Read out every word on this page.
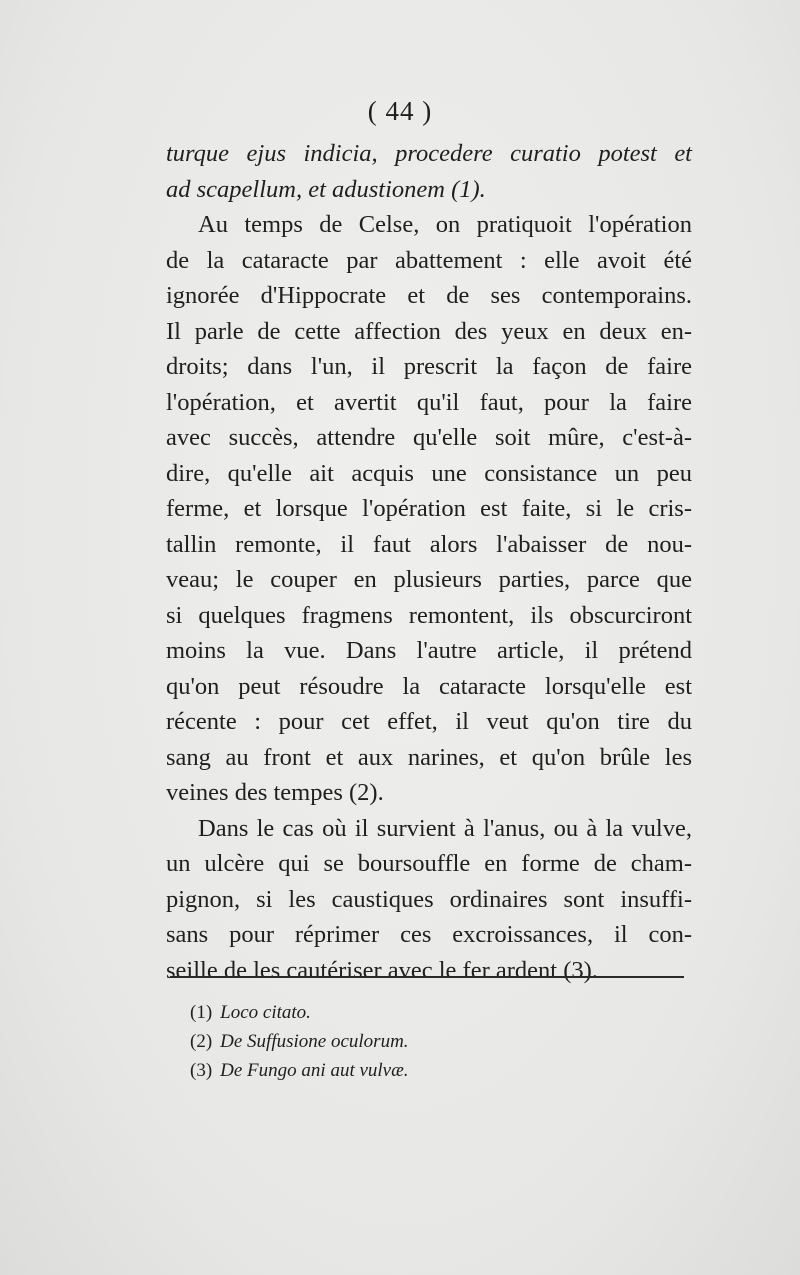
( 44 )
turque ejus indicia, procedere curatio potest et
ad scapellum, et adustionem (1).
Au temps de Celse, on pratiquoit l'opération
de la cataracte par abattement : elle avoit été
ignorée d'Hippocrate et de ses contemporains.
Il parle de cette affection des yeux en deux en-
droits; dans l'un, il prescrit la façon de faire
l'opération, et avertit qu'il faut, pour la faire
avec succès, attendre qu'elle soit mûre, c'est-à-
dire, qu'elle ait acquis une consistance un peu
ferme, et lorsque l'opération est faite, si le cris-
tallin remonte, il faut alors l'abaisser de nou-
veau; le couper en plusieurs parties, parce que
si quelques fragmens remontent, ils obscurciront
moins la vue. Dans l'autre article, il prétend
qu'on peut résoudre la cataracte lorsqu'elle est
récente : pour cet effet, il veut qu'on tire du
sang au front et aux narines, et qu'on brûle les
veines des tempes (2).
Dans le cas où il survient à l'anus, ou à la vulve,
un ulcère qui se boursouffle en forme de cham-
pignon, si les caustiques ordinaires sont insuffi-
sans pour réprimer ces excroissances, il con-
seille de les cautériser avec le fer ardent (3).
(1) Loco citato.
(2) De Suffusione oculorum.
(3) De Fungo ani aut vulvæ.
